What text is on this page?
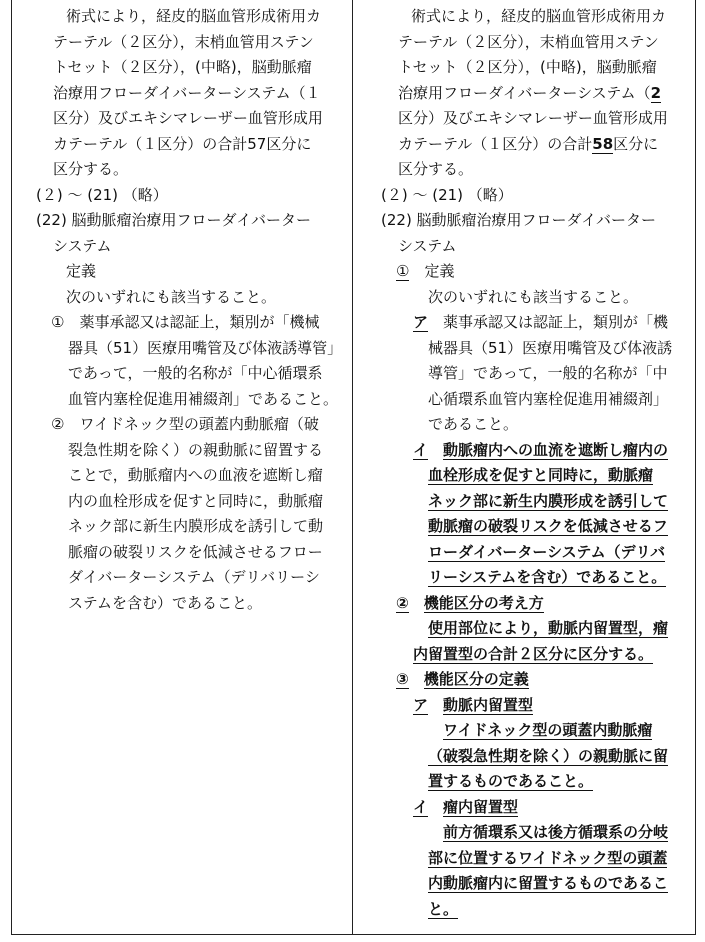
術式により，経皮的脳血管形成術用カ

テーテル（２区分），末梢血管用ステン

トセット（２区分），(中略)，脳動脈瘤

治療用フローダイバーターシステム（１

区分）及びエキシマレーザー血管形成用

カテーテル（１区分）の合計57区分に

区分する。

(２) ～ (21) （略）

(22) 脳動脈瘤治療用フローダイバーター

システム

定義

次のいずれにも該当すること。

①　薬事承認又は認証上，類別が「機械

器具（51）医療用嘴管及び体液誘導管」

であって，一般的名称が「中心循環系

血管内塞栓促進用補綴剤」であること。

②　ワイドネック型の頭蓋内動脈瘤（破

裂急性期を除く）の親動脈に留置する

ことで，動脈瘤内への血液を遮断し瘤

内の血栓形成を促すと同時に，動脈瘤

ネック部に新生内膜形成を誘引して動

脈瘤の破裂リスクを低減させるフロー

ダイバーターシステム（デリバリーシ

ステムを含む）であること。

術式により，経皮的脳血管形成術用カ

テーテル（２区分），末梢血管用ステン

トセット（２区分），(中略)，脳動脈瘤

治療用フローダイバーターシステム（2

区分）及びエキシマレーザー血管形成用

カテーテル（１区分）の合計58区分に

区分する。

(２) ～ (21) （略）

(22) 脳動脈瘤治療用フローダイバーター

システム

①　 定義

次のいずれにも該当すること。

ア　 薬事承認又は認証上，類別が「機

械器具（51）医療用嘴管及び体液誘

導管」であって，一般的名称が「中

心循環系血管内塞栓促進用補綴剤」

であること。

イ　 動脈瘤内への血流を遮断し瘤内の

血栓形成を促すと同時に，動脈瘤

ネック部に新生内膜形成を誘引して

動脈瘤の破裂リスクを低減させるフ

ローダイバーターシステム（デリバ

リーシステムを含む）であること。

②　 機能区分の考え方

使用部位により，動脈内留置型，瘤

内留置型の合計２区分に区分する。

③　 機能区分の定義

ア　 動脈内留置型

ワイドネック型の頭蓋内動脈瘤

（破裂急性期を除く）の親動脈に留

置するものであること。

イ　 瘤内留置型

前方循環系又は後方循環系の分岐

部に位置するワイドネック型の頭蓋

内動脈瘤内に留置するものであるこ

と。
